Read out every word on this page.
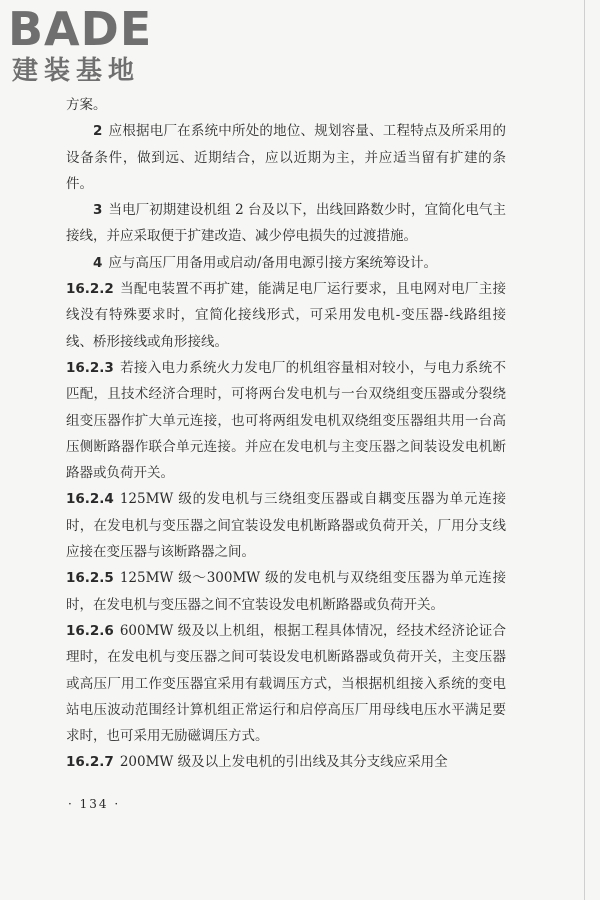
BADE
建装基地

方案。

2 应根据电厂在系统中所处的地位、规划容量、工程特点及所采用的设备条件，做到远、近期结合，应以近期为主，并应适当留有扩建的条件。

3 当电厂初期建设机组 2 台及以下，出线回路数少时，宜简化电气主接线，并应采取便于扩建改造、减少停电损失的过渡措施。

4 应与高压厂用备用或启动/备用电源引接方案统筹设计。

16.2.2 当配电装置不再扩建，能满足电厂运行要求，且电网对电厂主接线没有特殊要求时，宜简化接线形式，可采用发电机-变压器-线路组接线、桥形接线或角形接线。

16.2.3 若接入电力系统火力发电厂的机组容量相对较小，与电力系统不匹配，且技术经济合理时，可将两台发电机与一台双绕组变压器或分裂绕组变压器作扩大单元连接，也可将两组发电机双绕组变压器组共用一台高压侧断路器作联合单元连接。并应在发电机与主变压器之间装设发电机断路器或负荷开关。

16.2.4 125MW 级的发电机与三绕组变压器或自耦变压器为单元连接时，在发电机与变压器之间宜装设发电机断路器或负荷开关，厂用分支线应接在变压器与该断路器之间。

16.2.5 125MW 级～300MW 级的发电机与双绕组变压器为单元连接时，在发电机与变压器之间不宜装设发电机断路器或负荷开关。

16.2.6 600MW 级及以上机组，根据工程具体情况，经技术经济论证合理时，在发电机与变压器之间可装设发电机断路器或负荷开关，主变压器或高压厂用工作变压器宜采用有载调压方式，当根据机组接入系统的变电站电压波动范围经计算机组正常运行和启停高压厂用母线电压水平满足要求时，也可采用无励磁调压方式。

16.2.7 200MW 级及以上发电机的引出线及其分支线应采用全

· 134 ·
